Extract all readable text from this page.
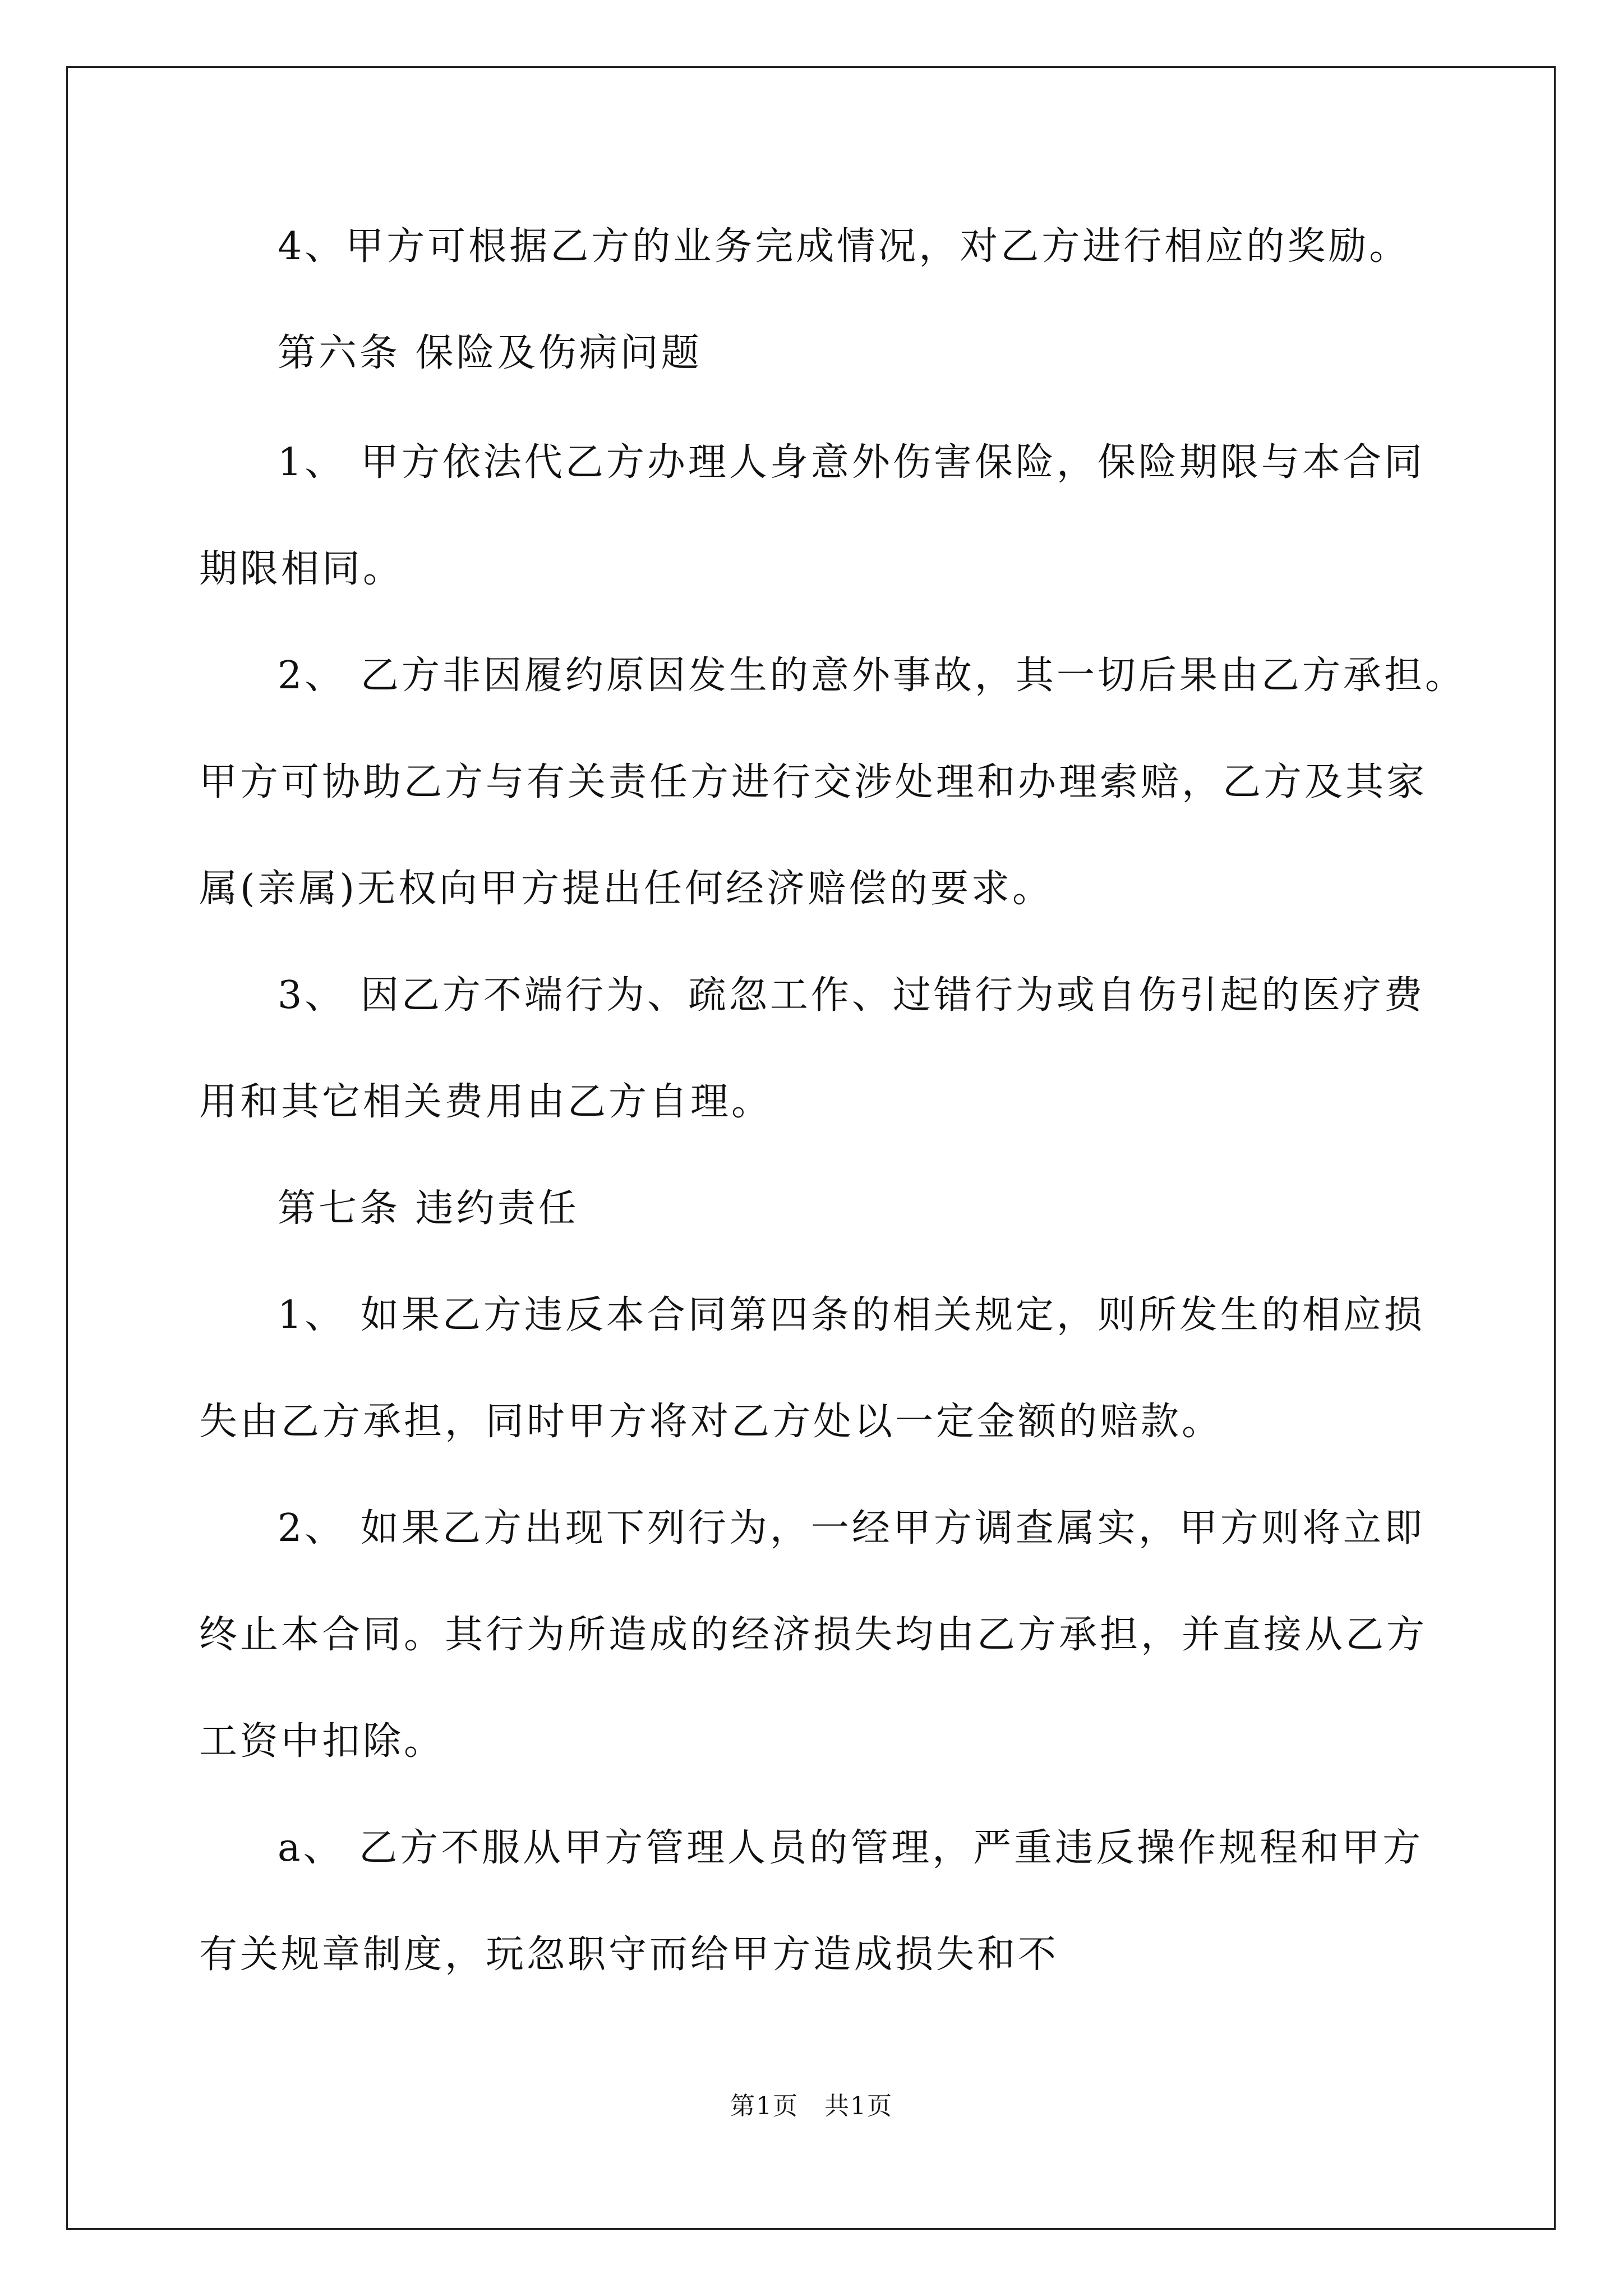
4、甲方可根据乙方的业务完成情况，对乙方进行相应的奖励。
第六条 保险及伤病问题
1、 甲方依法代乙方办理人身意外伤害保险，保险期限与本合同
期限相同。
2、 乙方非因履约原因发生的意外事故，其一切后果由乙方承担。
甲方可协助乙方与有关责任方进行交涉处理和办理索赔，乙方及其家
属(亲属)无权向甲方提出任何经济赔偿的要求。
3、 因乙方不端行为、疏忽工作、过错行为或自伤引起的医疗费
用和其它相关费用由乙方自理。
第七条 违约责任
1、 如果乙方违反本合同第四条的相关规定，则所发生的相应损
失由乙方承担，同时甲方将对乙方处以一定金额的赔款。
2、 如果乙方出现下列行为，一经甲方调查属实，甲方则将立即
终止本合同。其行为所造成的经济损失均由乙方承担，并直接从乙方
工资中扣除。
a、 乙方不服从甲方管理人员的管理，严重违反操作规程和甲方
有关规章制度，玩忽职守而给甲方造成损失和不
第1页　共1页
